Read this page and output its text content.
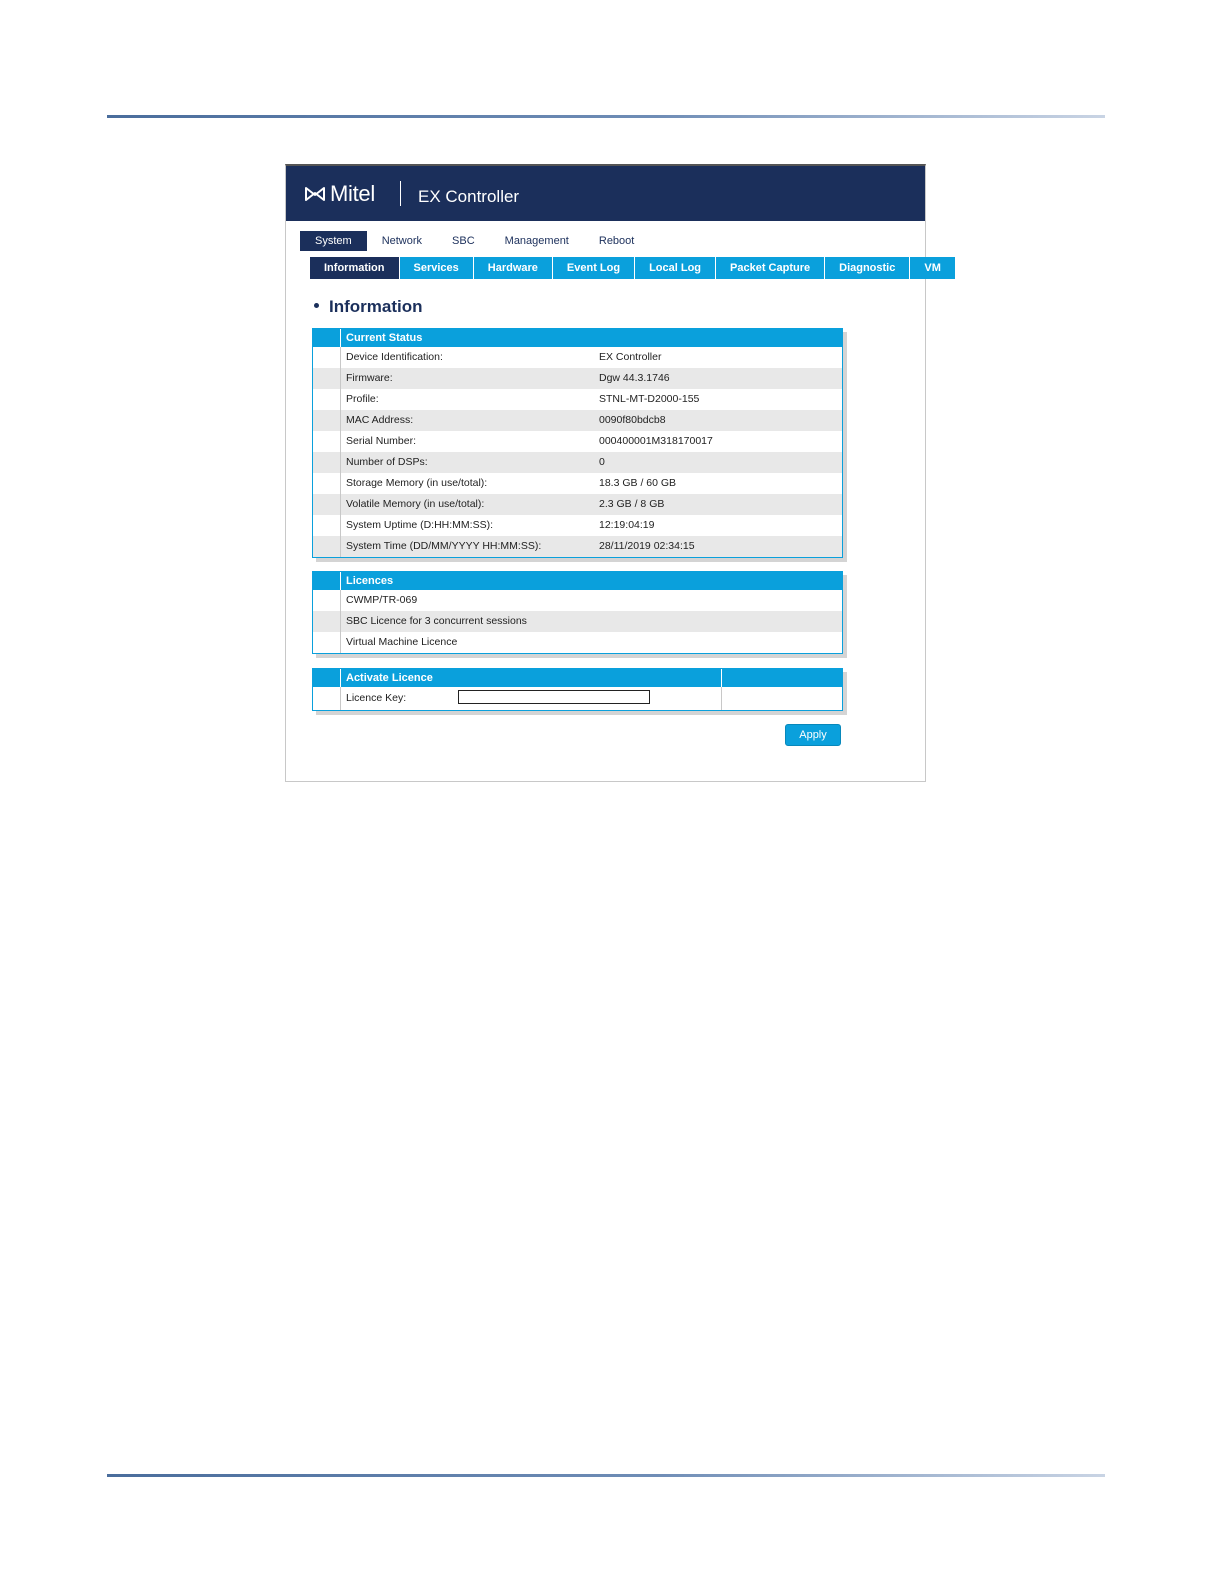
Mitel	EX Controller
System	Network	SBC	Management	Reboot
Information	Services	Hardware	Event Log	Local Log	Packet Capture	Diagnostic	VM
Information
Current Status
Device Identification:	EX Controller
Firmware:	Dgw 44.3.1746
Profile:	STNL-MT-D2000-155
MAC Address:	0090f80bdcb8
Serial Number:	000400001M318170017
Number of DSPs:	0
Storage Memory (in use/total):	18.3 GB / 60 GB
Volatile Memory (in use/total):	2.3 GB / 8 GB
System Uptime (D:HH:MM:SS):	12:19:04:19
System Time (DD/MM/YYYY HH:MM:SS):	28/11/2019 02:34:15
Licences
CWMP/TR-069
SBC Licence for 3 concurrent sessions
Virtual Machine Licence
Activate Licence
Licence Key:
Apply
